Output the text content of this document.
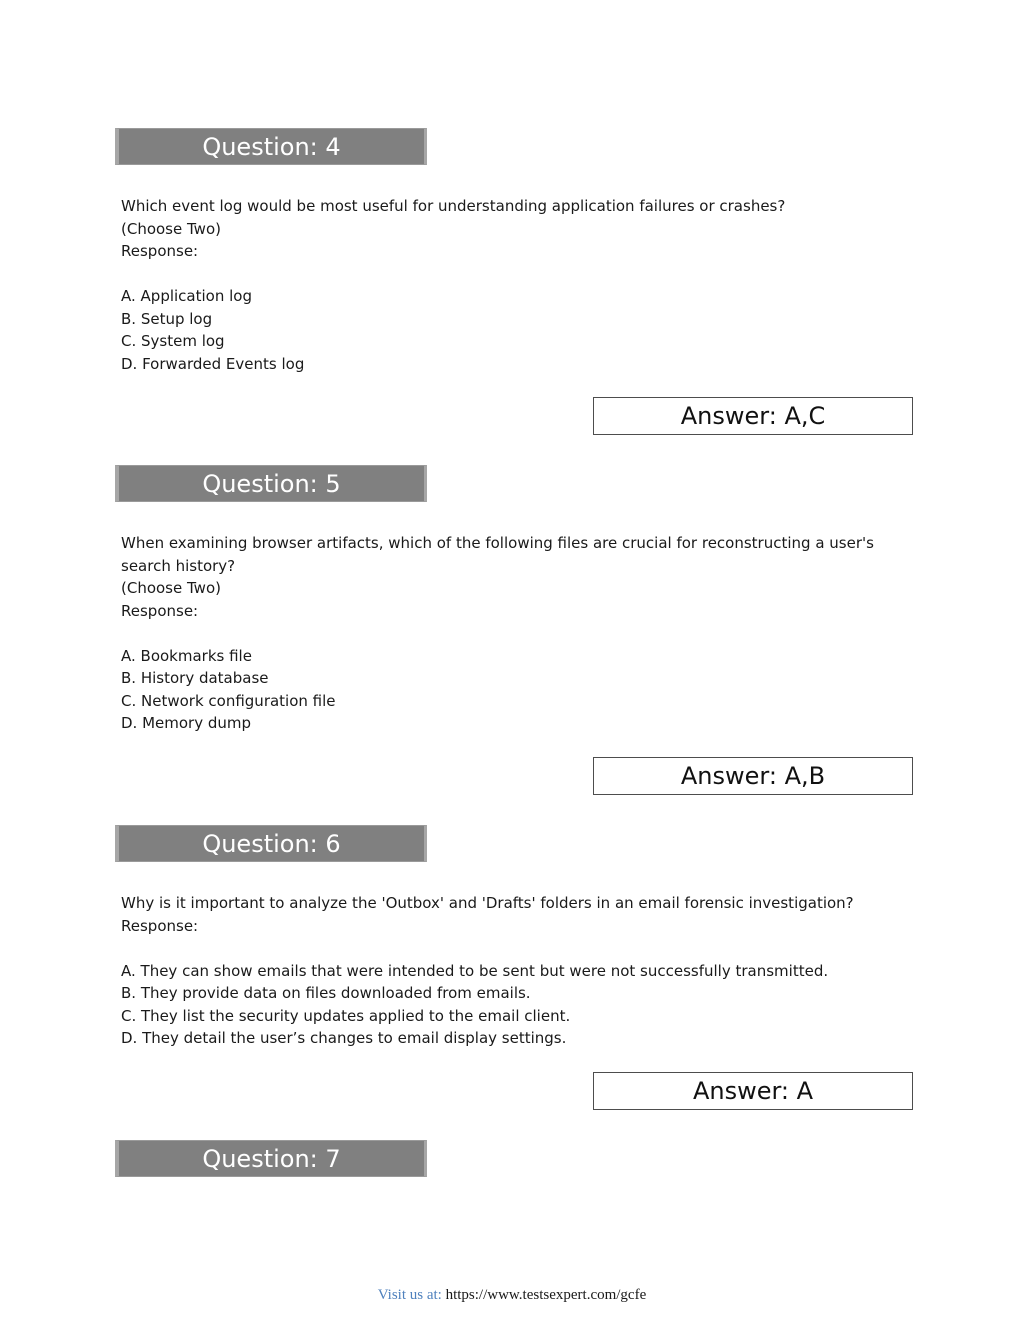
Question: 4
Which event log would be most useful for understanding application failures or crashes?
(Choose Two)
Response:
A. Application log
B. Setup log
C. System log
D. Forwarded Events log
Answer: A,C
Question: 5
When examining browser artifacts, which of the following files are crucial for reconstructing a user's
search history?
(Choose Two)
Response:
A. Bookmarks file
B. History database
C. Network configuration file
D. Memory dump
Answer: A,B
Question: 6
Why is it important to analyze the 'Outbox' and 'Drafts' folders in an email forensic investigation?
Response:
A. They can show emails that were intended to be sent but were not successfully transmitted.
B. They provide data on files downloaded from emails.
C. They list the security updates applied to the email client.
D. They detail the user’s changes to email display settings.
Answer: A
Question: 7
Visit us at: https://www.testsexpert.com/gcfe
